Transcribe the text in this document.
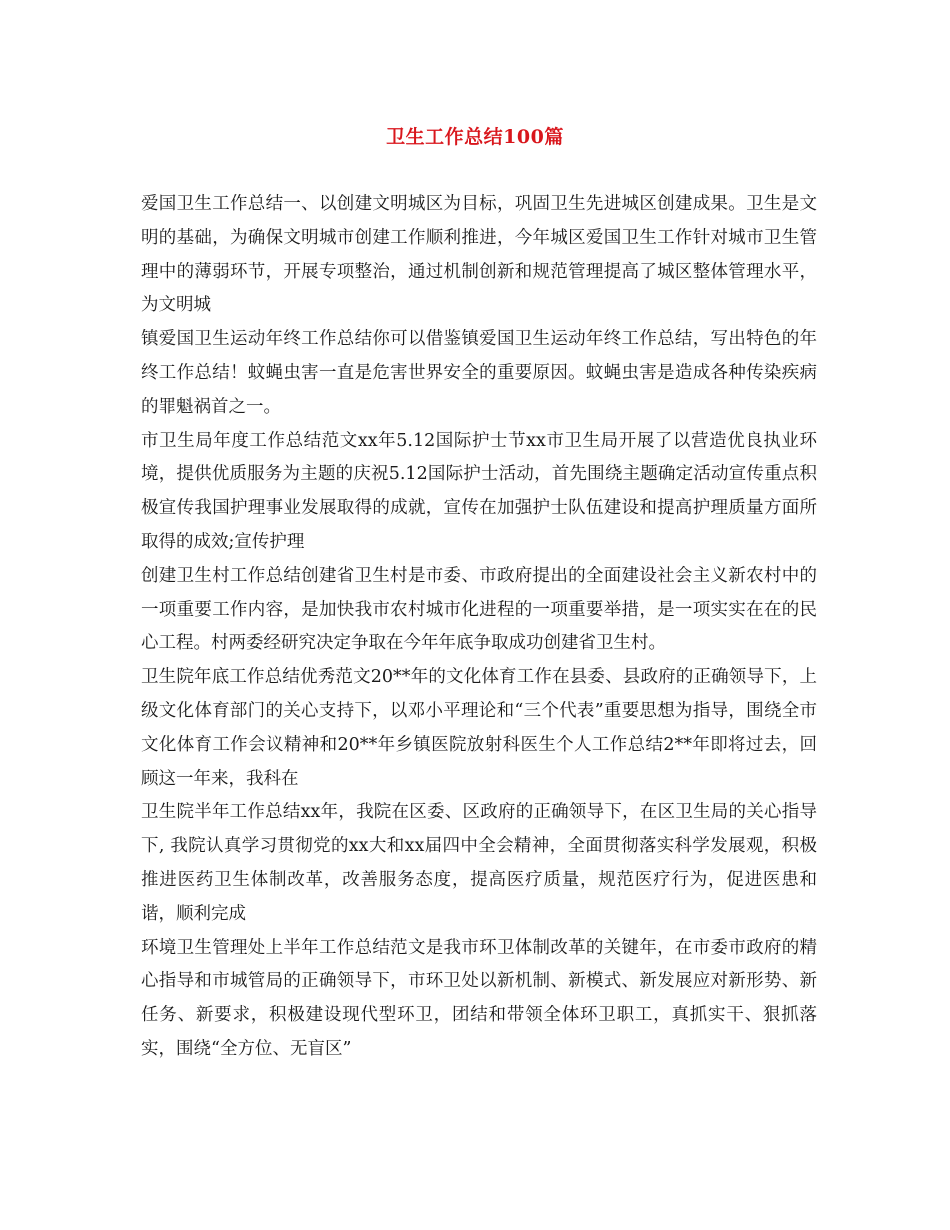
卫生工作总结100篇

爱国卫生工作总结一、以创建文明城区为目标，巩固卫生先进城区创建成果。卫生是文明的基础，为确保文明城市创建工作顺利推进，今年城区爱国卫生工作针对城市卫生管理中的薄弱环节，开展专项整治，通过机制创新和规范管理提高了城区整体管理水平，为文明城

镇爱国卫生运动年终工作总结你可以借鉴镇爱国卫生运动年终工作总结，写出特色的年终工作总结！蚊蝇虫害一直是危害世界安全的重要原因。蚊蝇虫害是造成各种传染疾病的罪魁祸首之一。

市卫生局年度工作总结范文xx年5.12国际护士节xx市卫生局开展了以营造优良执业环境，提供优质服务为主题的庆祝5.12国际护士活动，首先围绕主题确定活动宣传重点积极宣传我国护理事业发展取得的成就，宣传在加强护士队伍建设和提高护理质量方面所取得的成效;宣传护理

创建卫生村工作总结创建省卫生村是市委、市政府提出的全面建设社会主义新农村中的一项重要工作内容，是加快我市农村城市化进程的一项重要举措，是一项实实在在的民心工程。村两委经研究决定争取在今年年底争取成功创建省卫生村。

卫生院年底工作总结优秀范文20**年的文化体育工作在县委、县政府的正确领导下，上级文化体育部门的关心支持下，以邓小平理论和“三个代表”重要思想为指导，围绕全市文化体育工作会议精神和20**年乡镇医院放射科医生个人工作总结2**年即将过去，回顾这一年来，我科在

卫生院半年工作总结xx年，我院在区委、区政府的正确领导下，在区卫生局的关心指导下, 我院认真学习贯彻党的xx大和xx届四中全会精神，全面贯彻落实科学发展观，积极推进医药卫生体制改革，改善服务态度，提高医疗质量，规范医疗行为，促进医患和谐，顺利完成

环境卫生管理处上半年工作总结范文是我市环卫体制改革的关键年，在市委市政府的精心指导和市城管局的正确领导下，市环卫处以新机制、新模式、新发展应对新形势、新任务、新要求，积极建设现代型环卫，团结和带领全体环卫职工，真抓实干、狠抓落实，围绕“全方位、无盲区”
